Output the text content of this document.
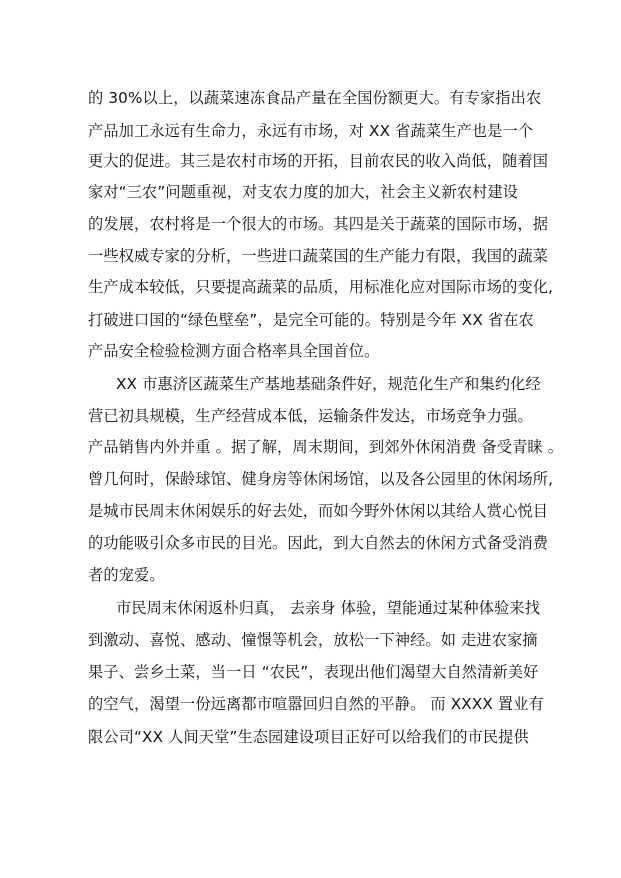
的 30%以上，以蔬菜速冻食品产量在全国份额更大。有专家指出农
产品加工永远有生命力，永远有市场，对 XX 省蔬菜生产也是一个
更大的促进。其三是农村市场的开拓，目前农民的收入尚低，随着国
家对“三农”问题重视，对支农力度的加大，社会主义新农村建设
的发展，农村将是一个很大的市场。其四是关于蔬菜的国际市场，据
一些权威专家的分析，一些进口蔬菜国的生产能力有限，我国的蔬菜
生产成本较低，只要提高蔬菜的品质，用标准化应对国际市场的变化,
打破进口国的“绿色壁垒”，是完全可能的。特别是今年 XX 省在农
产品安全检验检测方面合格率具全国首位。
XX 市惠济区蔬菜生产基地基础条件好，规范化生产和集约化经
营已初具规模，生产经营成本低，运输条件发达，市场竞争力强。
产品销售内外并重 。据了解，周末期间，到郊外休闲消费 备受青睐 。
曾几何时，保龄球馆、健身房等休闲场馆，以及各公园里的休闲场所,
是城市民周末休闲娱乐的好去处，而如今野外休闲以其给人赏心悦目
的功能吸引众多市民的目光。因此，到大自然去的休闲方式备受消费
者的宠爱。
市民周末休闲返朴归真， 去亲身 体验，望能通过某种体验来找
到激动、喜悦、感动、憧憬等机会，放松一下神经。如 走进农家摘
果子、尝乡土菜，当一日 “农民”，表现出他们渴望大自然清新美好
的空气，渴望一份远离都市喧嚣回归自然的平静。 而 XXXX 置业有
限公司“XX 人间天堂”生态园建设项目正好可以给我们的市民提供
